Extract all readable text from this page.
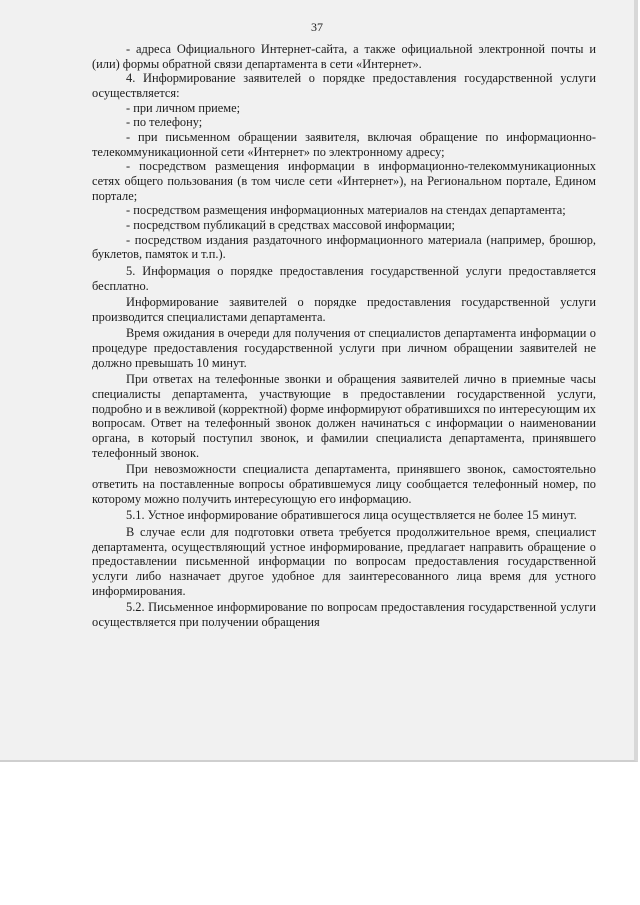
37

- адреса Официального Интернет-сайта, а также официальной электронной почты и (или) формы обратной связи департамента в сети «Интернет».

4. Информирование заявителей о порядке предоставления государственной услуги осуществляется:

- при личном приеме;

- по телефону;

- при письменном обращении заявителя, включая обращение по информационно-телекоммуникационной сети «Интернет» по электронному адресу;

- посредством размещения информации в информационно-телекоммуникационных сетях общего пользования (в том числе сети «Интернет»), на Региональном портале, Едином портале;

- посредством размещения информационных материалов на стендах департамента;

- посредством публикаций в средствах массовой информации;

- посредством издания раздаточного информационного материала (например, брошюр, буклетов, памяток и т.п.).

5. Информация о порядке предоставления государственной услуги предоставляется бесплатно.

Информирование заявителей о порядке предоставления государственной услуги производится специалистами департамента.

Время ожидания в очереди для получения от специалистов департамента информации о процедуре предоставления государственной услуги при личном обращении заявителей не должно превышать 10 минут.

При ответах на телефонные звонки и обращения заявителей лично в приемные часы специалисты департамента, участвующие в предоставлении государственной услуги, подробно и в вежливой (корректной) форме информируют обратившихся по интересующим их вопросам. Ответ на телефонный звонок должен начинаться с информации о наименовании органа, в который поступил звонок, и фамилии специалиста департамента, принявшего телефонный звонок.

При невозможности специалиста департамента, принявшего звонок, самостоятельно ответить на поставленные вопросы обратившемуся лицу сообщается телефонный номер, по которому можно получить интересующую его информацию.

5.1. Устное информирование обратившегося лица осуществляется не более 15 минут.

В случае если для подготовки ответа требуется продолжительное время, специалист департамента, осуществляющий устное информирование, предлагает направить обращение о предоставлении письменной информации по вопросам предоставления государственной услуги либо назначает другое удобное для заинтересованного лица время для устного информирования.

5.2. Письменное информирование по вопросам предоставления государственной услуги осуществляется при получении обращения
